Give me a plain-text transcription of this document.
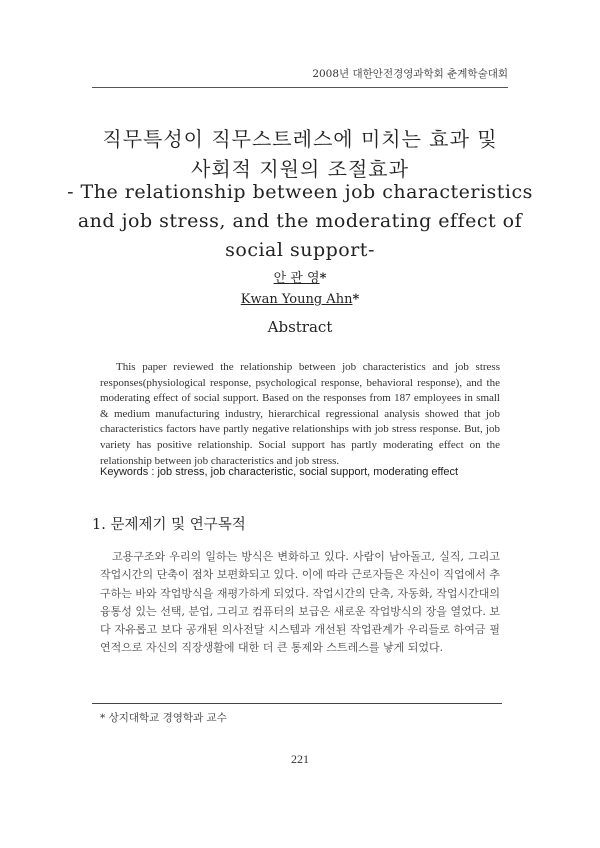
2008년 대한안전경영과학회 춘계학술대회
직무특성이 직무스트레스에 미치는 효과 및
사회적 지원의 조절효과
- The relationship between job characteristics
and job stress, and the moderating effect of
social support-
안 관 영*
Kwan Young Ahn*
Abstract
This paper reviewed the relationship between job characteristics and job stress responses(physiological response, psychological response, behavioral response), and the moderating effect of social support. Based on the responses from 187 employees in small & medium manufacturing industry, hierarchical regressional analysis showed that job characteristics factors have partly negative relationships with job stress response. But, job variety has positive relationship. Social support has partly moderating effect on the relationship between job characteristics and job stress.
Keywords : job stress, job characteristic, social support, moderating effect
1. 문제제기 및 연구목적
고용구조와 우리의 일하는 방식은 변화하고 있다. 사람이 남아돌고, 실직, 그리고 작업시간의 단축이 점차 보편화되고 있다. 이에 따라 근로자들은 자신이 직업에서 추구하는 바와 작업방식을 재평가하게 되었다. 작업시간의 단축, 자동화, 작업시간대의 융통성 있는 선택, 분업, 그리고 컴퓨터의 보급은 새로운 작업방식의 장을 열었다. 보다 자유롭고 보다 공개된 의사전달 시스템과 개선된 작업관계가 우리들로 하여금 필연적으로 자신의 직장생활에 대한 더 큰 통제와 스트레스를 낳게 되었다.
* 상지대학교 경영학과 교수
221
